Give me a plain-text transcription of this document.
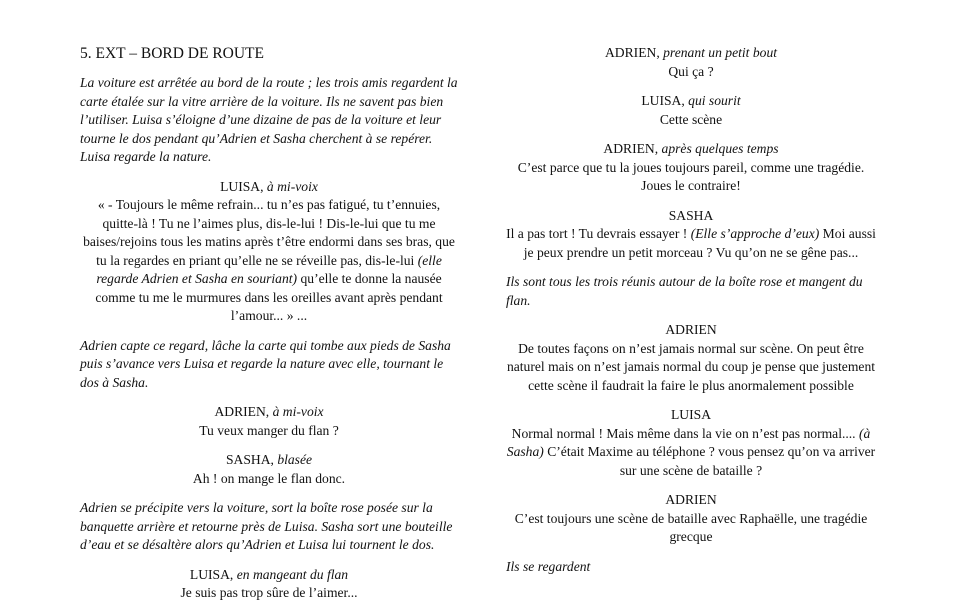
5. EXT – BORD DE ROUTE

La voiture est arrêtée au bord de la route ; les trois amis regardent la carte étalée sur la vitre arrière de la voiture. Ils ne savent pas bien l’utiliser. Luisa s’éloigne d’une dizaine de pas de la voiture et leur tourne le dos pendant qu’Adrien et Sasha cherchent à se repérer. Luisa regarde la nature.

LUISA, à mi-voix
« - Toujours le même refrain... tu n’es pas fatigué, tu t’ennuies, quitte-là ! Tu ne l’aimes plus, dis-le-lui ! Dis-le-lui que tu me baises/rejoins tous les matins après t’être endormi dans ses bras, que tu la regardes en priant qu’elle ne se réveille pas, dis-le-lui (elle regarde Adrien et Sasha en souriant) qu’elle te donne la nausée comme tu me le murmures dans les oreilles avant après pendant l’amour... » ...

Adrien capte ce regard, lâche la carte qui tombe aux pieds de Sasha puis s’avance vers Luisa et regarde la nature avec elle, tournant le dos à Sasha.

ADRIEN, à mi-voix
Tu veux manger du flan ?
SASHA, blasée
Ah ! on mange le flan donc.

Adrien se précipite vers la voiture, sort la boîte rose posée sur la banquette arrière et retourne près de Luisa. Sasha sort une bouteille d’eau et se désaltère alors qu’Adrien et Luisa lui tournent le dos.

LUISA, en mangeant du flan
Je suis pas trop sûre de l’aimer...
ADRIEN, prenant un petit bout
Qui ça ?
LUISA, qui sourit
Cette scène
ADRIEN, après quelques temps
C’est parce que tu la joues toujours pareil, comme une tragédie. Joues le contraire!
SASHA
Il a pas tort ! Tu devrais essayer ! (Elle s’approche d’eux) Moi aussi je peux prendre un petit morceau ? Vu qu’on ne se gêne pas...

Ils sont tous les trois réunis autour de la boîte rose et mangent du flan.

ADRIEN
De toutes façons on n’est jamais normal sur scène. On peut être naturel mais on n’est jamais normal du coup je pense que justement cette scène il faudrait la faire le plus anormalement possible
LUISA
Normal normal ! Mais même dans la vie on n’est pas normal.... (à Sasha) C’était Maxime au téléphone ? vous pensez qu’on va arriver sur une scène de bataille ?
ADRIEN
C’est toujours une scène de bataille avec Raphaëlle, une tragédie grecque

Ils se regardent
